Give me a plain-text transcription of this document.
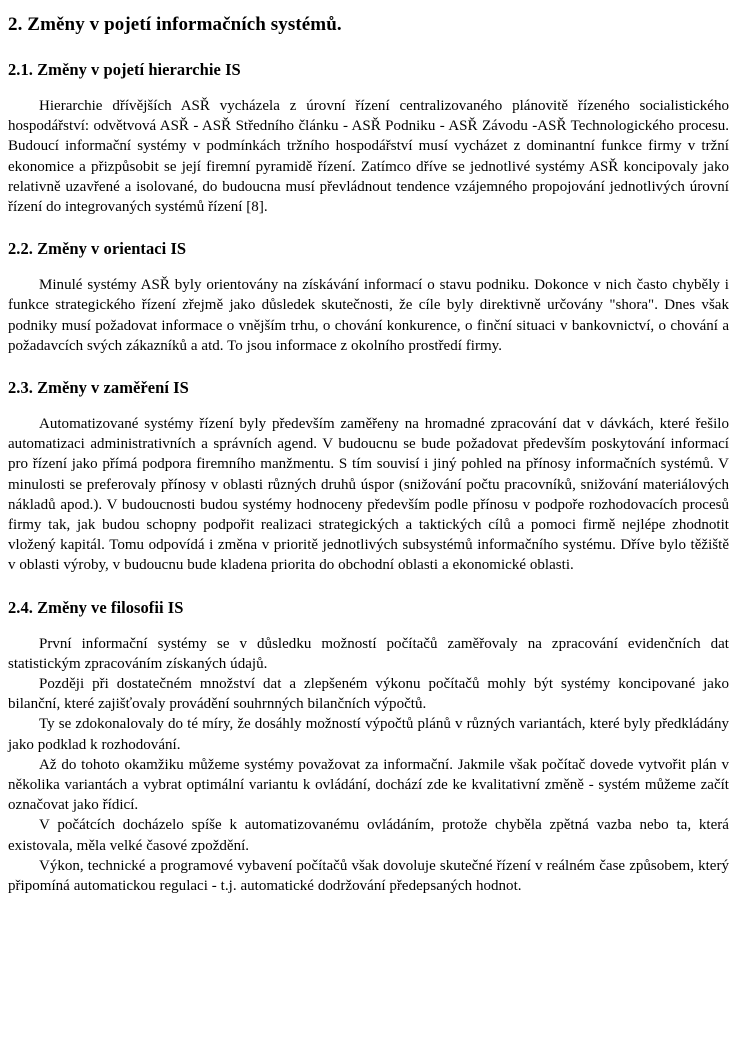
2. Změny v pojetí informačních systémů.
2.1. Změny v pojetí hierarchie IS

Hierarchie dřívějších ASŘ vycházela z úrovní řízení centralizovaného plánovitě řízeného socialistického hospodářství: odvětvová ASŘ - ASŘ Středního článku - ASŘ Podniku - ASŘ Závodu -ASŘ Technologického procesu. Budoucí informační systémy v podmínkách tržního hospodářství musí vycházet z dominantní funkce firmy v tržní ekonomice a přizpůsobit se její firemní pyramidě řízení. Zatímco dříve se jednotlivé systémy ASŘ koncipovaly jako relativně uzavřené a isolované, do budoucna musí převládnout tendence vzájemného propojování jednotlivých úrovní řízení do integrovaných systémů řízení [8].

2.2. Změny v orientaci IS

Minulé systémy ASŘ byly orientovány na získávání informací o stavu podniku. Dokonce v nich často chyběly i funkce strategického řízení zřejmě jako důsledek skutečnosti, že cíle byly direktivně určovány "shora". Dnes však podniky musí požadovat informace o vnějším trhu, o chování konkurence, o finční situaci v bankovnictví, o chování a požadavcích svých zákazníků a atd. To jsou informace z okolního prostředí firmy.

2.3. Změny v zaměření IS

Automatizované systémy řízení byly především zaměřeny na hromadné zpracování dat v dávkách, které řešilo automatizaci administrativních a správních agend. V budoucnu se bude požadovat především poskytování informací pro řízení jako přímá podpora firemního manžmentu. S tím souvisí i jiný pohled na přínosy informačních systémů. V minulosti se preferovaly přínosy v oblasti různých druhů úspor (snižování počtu pracovníků, snižování materiálových nákladů apod.). V budoucnosti budou systémy hodnoceny především podle přínosu v podpoře rozhodovacích procesů firmy tak, jak budou schopny podpořit realizaci strategických a taktických cílů a pomoci firmě nejlépe zhodnotit vložený kapitál. Tomu odpovídá i změna v prioritě jednotlivých subsystémů informačního systému. Dříve bylo těžiště v oblasti výroby, v budoucnu bude kladena priorita do obchodní oblasti a ekonomické oblasti.

2.4. Změny ve filosofii IS

První informační systémy se v důsledku možností počítačů zaměřovaly na zpracování evidenčních dat statistickým zpracováním získaných údajů.

Později při dostatečném množství dat a zlepšeném výkonu počítačů mohly být systémy koncipované jako bilanční, které zajišťovaly provádění souhrnných bilančních výpočtů.

Ty se zdokonalovaly do té míry, že dosáhly možností výpočtů plánů v různých variantách, které byly předkládány jako podklad k rozhodování.

Až do tohoto okamžiku můžeme systémy považovat za informační. Jakmile však počítač dovede vytvořit plán v několika variantách a vybrat optimální variantu k ovládání, dochází zde ke kvalitativní změně - systém můžeme začít označovat jako řídicí.

V počátcích docházelo spíše k automatizovanému ovládáním, protože chyběla zpětná vazba nebo ta, která existovala, měla velké časové zpoždění.

Výkon, technické a programové vybavení počítačů však dovoluje skutečné řízení v reálném čase způsobem, který připomíná automatickou regulaci - t.j. automatické dodržování předepsaných hodnot.
